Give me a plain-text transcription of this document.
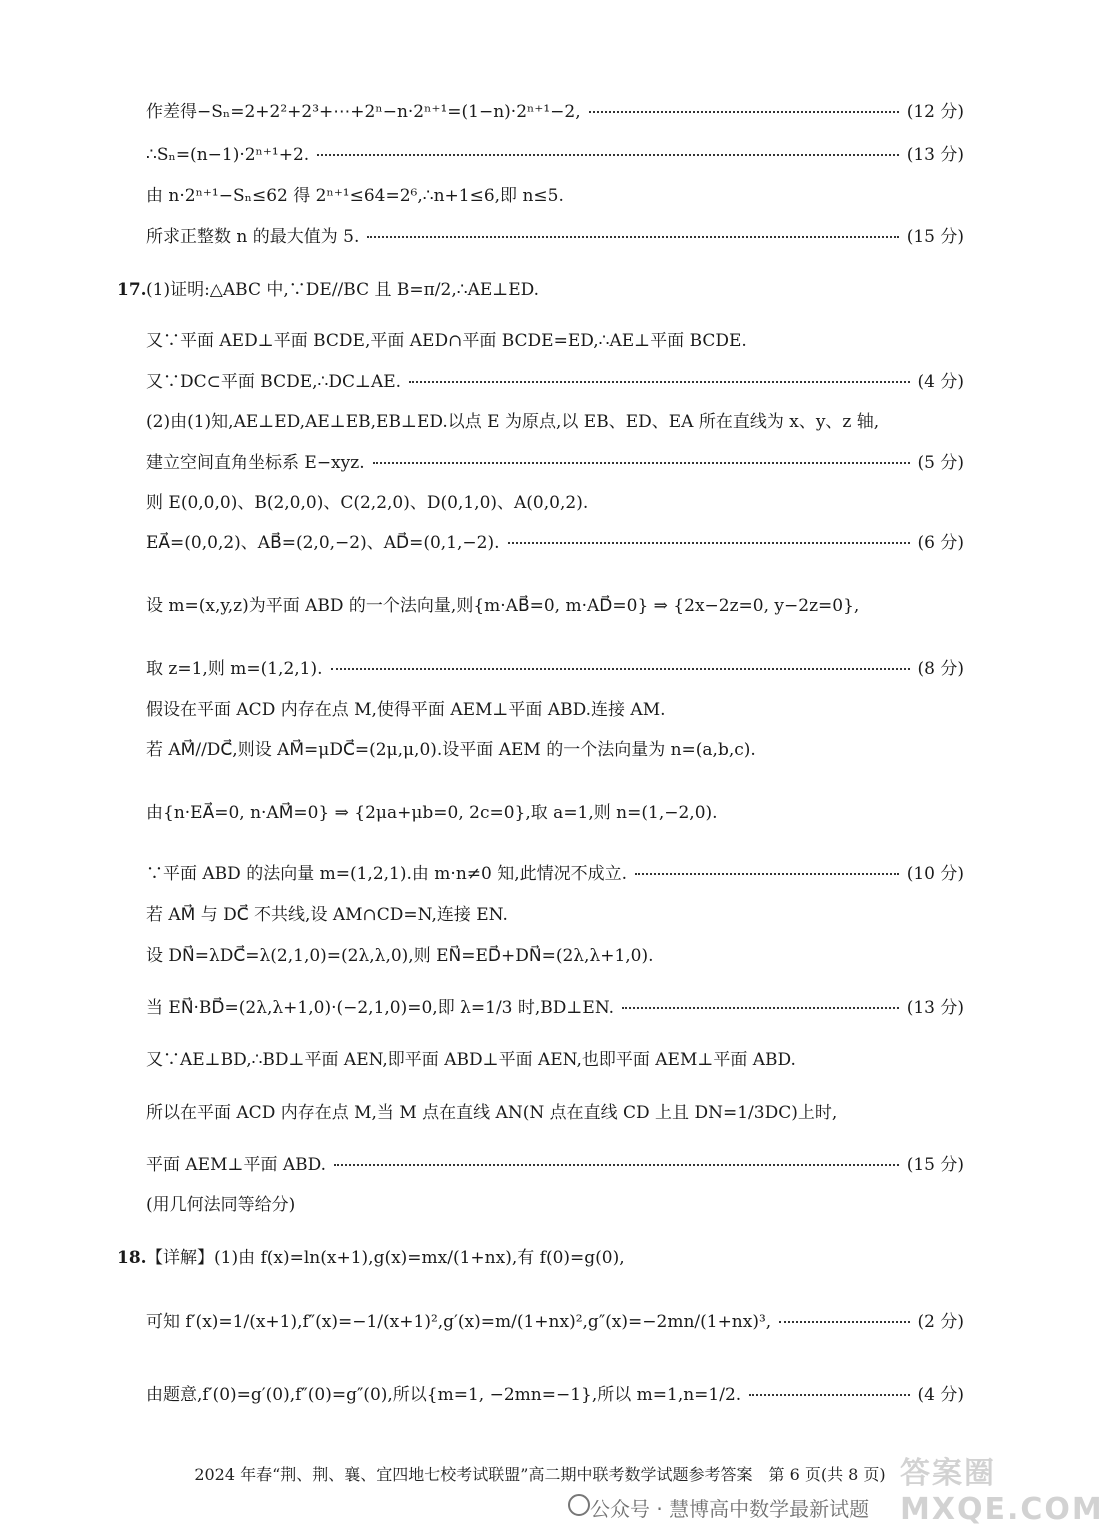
作差得−Sₙ=2+2²+2³+⋯+2ⁿ−n·2ⁿ⁺¹=(1−n)·2ⁿ⁺¹−2,	(12 分)
∴Sₙ=(n−1)·2ⁿ⁺¹+2.	(13 分)
由 n·2ⁿ⁺¹−Sₙ≤62 得 2ⁿ⁺¹≤64=2⁶,∴n+1≤6,即 n≤5.
所求正整数 n 的最大值为 5.	(15 分)
17. (1)证明:△ABC 中,∵DE//BC 且 B=π/2,∴AE⊥ED.
又∵平面 AED⊥平面 BCDE,平面 AED∩平面 BCDE=ED,∴AE⊥平面 BCDE.
又∵DC⊂平面 BCDE,∴DC⊥AE.	(4 分)
(2)由(1)知,AE⊥ED,AE⊥EB,EB⊥ED.以点 E 为原点,以 EB、ED、EA 所在直线为 x、y、z 轴,
建立空间直角坐标系 E−xyz.	(5 分)
则 E(0,0,0)、B(2,0,0)、C(2,2,0)、D(0,1,0)、A(0,0,2).
EA⃗=(0,0,2)、AB⃗=(2,0,−2)、AD⃗=(0,1,−2).	(6 分)
设 m=(x,y,z)为平面 ABD 的一个法向量,则{m·AB⃗=0, m·AD⃗=0} ⇒ {2x−2z=0, y−2z=0},
取 z=1,则 m=(1,2,1).	(8 分)
假设在平面 ACD 内存在点 M,使得平面 AEM⊥平面 ABD.连接 AM.
若 AM⃗//DC⃗,则设 AM⃗=μDC⃗=(2μ,μ,0).设平面 AEM 的一个法向量为 n=(a,b,c).
由{n·EA⃗=0, n·AM⃗=0} ⇒ {2μa+μb=0, 2c=0},取 a=1,则 n=(1,−2,0).
∵平面 ABD 的法向量 m=(1,2,1).由 m·n≠0 知,此情况不成立.	(10 分)
若 AM⃗ 与 DC⃗ 不共线,设 AM∩CD=N,连接 EN.
设 DN⃗=λDC⃗=λ(2,1,0)=(2λ,λ,0),则 EN⃗=ED⃗+DN⃗=(2λ,λ+1,0).
当 EN⃗·BD⃗=(2λ,λ+1,0)·(−2,1,0)=0,即 λ=1/3 时,BD⊥EN.	(13 分)
又∵AE⊥BD,∴BD⊥平面 AEN,即平面 ABD⊥平面 AEN,也即平面 AEM⊥平面 ABD.
所以在平面 ACD 内存在点 M,当 M 点在直线 AN(N 点在直线 CD 上且 DN=1/3DC)上时,
平面 AEM⊥平面 ABD.	(15 分)
(用几何法同等给分)
18. 【详解】(1)由 f(x)=ln(x+1),g(x)=mx/(1+nx),有 f(0)=g(0),
可知 f′(x)=1/(x+1),f″(x)=−1/(x+1)²,g′(x)=m/(1+nx)²,g″(x)=−2mn/(1+nx)³,	(2 分)
由题意,f′(0)=g′(0),f″(0)=g″(0),所以{m=1, −2mn=−1},所以 m=1,n=1/2.	(4 分)
2024 年春“荆、荆、襄、宜四地七校考试联盟”高二期中联考数学试题参考答案　第 6 页(共 8 页)
公众号 · 慧博高中数学最新试题
答案圈 MXQE.COM
